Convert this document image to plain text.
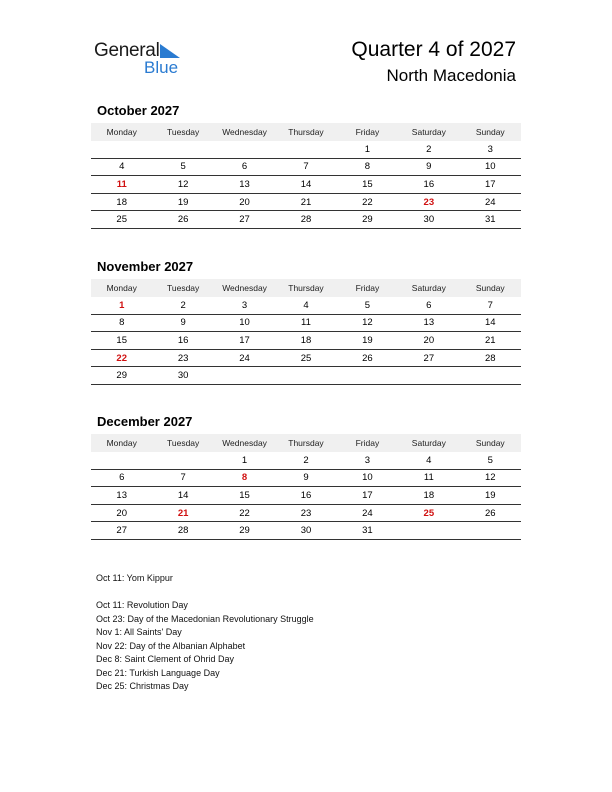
General
Blue
Quarter 4 of 2027
North Macedonia
October 2027
Monday	Tuesday	Wednesday	Thursday	Friday	Saturday	Sunday
				1	2	3
4	5	6	7	8	9	10
11	12	13	14	15	16	17
18	19	20	21	22	23	24
25	26	27	28	29	30	31
November 2027
Monday	Tuesday	Wednesday	Thursday	Friday	Saturday	Sunday
1	2	3	4	5	6	7
8	9	10	11	12	13	14
15	16	17	18	19	20	21
22	23	24	25	26	27	28
29	30					
December 2027
Monday	Tuesday	Wednesday	Thursday	Friday	Saturday	Sunday
		1	2	3	4	5
6	7	8	9	10	11	12
13	14	15	16	17	18	19
20	21	22	23	24	25	26
27	28	29	30	31		
Oct 11: Yom Kippur
Oct 11: Revolution Day
Oct 23: Day of the Macedonian Revolutionary Struggle
Nov 1: All Saints' Day
Nov 22: Day of the Albanian Alphabet
Dec 8: Saint Clement of Ohrid Day
Dec 21: Turkish Language Day
Dec 25: Christmas Day
